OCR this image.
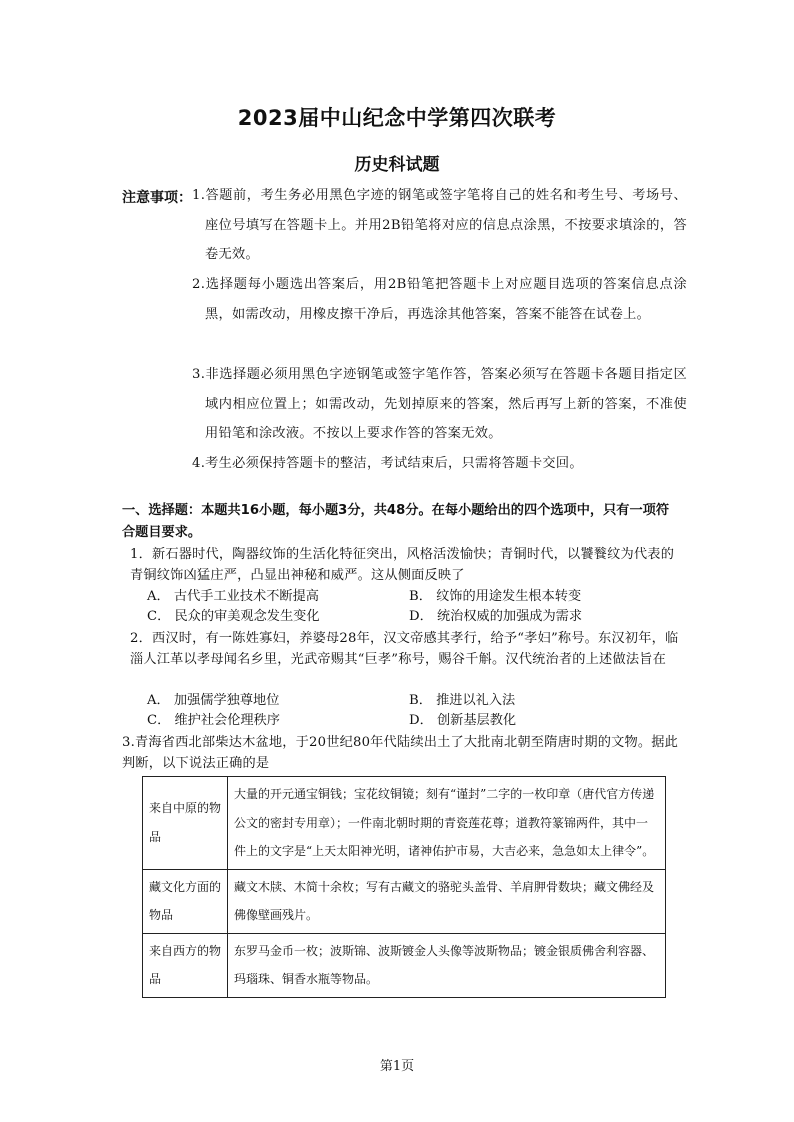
2023届中山纪念中学第四次联考
历史科试题
注意事项： 1.答题前，考生务必用黑色字迹的钢笔或签字笔将自己的姓名和考生号、考场号、座位号填写在答题卡上。并用2B铅笔将对应的信息点涂黑，不按要求填涂的，答卷无效。
2.选择题每小题选出答案后，用2B铅笔把答题卡上对应题目选项的答案信息点涂黑，如需改动，用橡皮擦干净后，再选涂其他答案，答案不能答在试卷上。
3.非选择题必须用黑色字迹钢笔或签字笔作答，答案必须写在答题卡各题目指定区域内相应位置上；如需改动，先划掉原来的答案，然后再写上新的答案，不准使用铅笔和涂改液。不按以上要求作答的答案无效。
4.考生必须保持答题卡的整洁，考试结束后，只需将答题卡交回。
一、选择题：本题共16小题，每小题3分，共48分。在每小题给出的四个选项中，只有一项符合题目要求。
1．新石器时代，陶器纹饰的生活化特征突出，风格活泼愉快；青铜时代，以饕餮纹为代表的青铜纹饰凶猛庄严，凸显出神秘和威严。这从侧面反映了
A． 古代手工业技术不断提高	B． 纹饰的用途发生根本转变
C． 民众的审美观念发生变化	D． 统治权威的加强成为需求
2．西汉时，有一陈姓寡妇，养婆母28年，汉文帝感其孝行，给予“孝妇”称号。东汉初年，临淄人江革以孝母闻名乡里，光武帝赐其“巨孝”称号，赐谷千斛。汉代统治者的上述做法旨在
A． 加强儒学独尊地位	B． 推进以礼入法
C． 维护社会伦理秩序	D． 创新基层教化
3.青海省西北部柴达木盆地，于20世纪80年代陆续出土了大批南北朝至隋唐时期的文物。据此判断，以下说法正确的是
来自中原的物品	大量的开元通宝铜钱；宝花纹铜镜；刻有“谨封”二字的一枚印章（唐代官方传递公文的密封专用章）；一件南北朝时期的青瓷莲花尊；道教符篆锦两件，其中一件上的文字是“上天太阳神光明，诸神佑护市易，大吉必来，急急如太上律令”。
藏文化方面的物品	藏文木牍、木简十余枚；写有古藏文的骆驼头盖骨、羊肩胛骨数块；藏文佛经及佛像壁画残片。
来自西方的物品	东罗马金币一枚；波斯锦、波斯镀金人头像等波斯物品；镀金银质佛舍利容器、玛瑙珠、铜香水瓶等物品。
第1页
